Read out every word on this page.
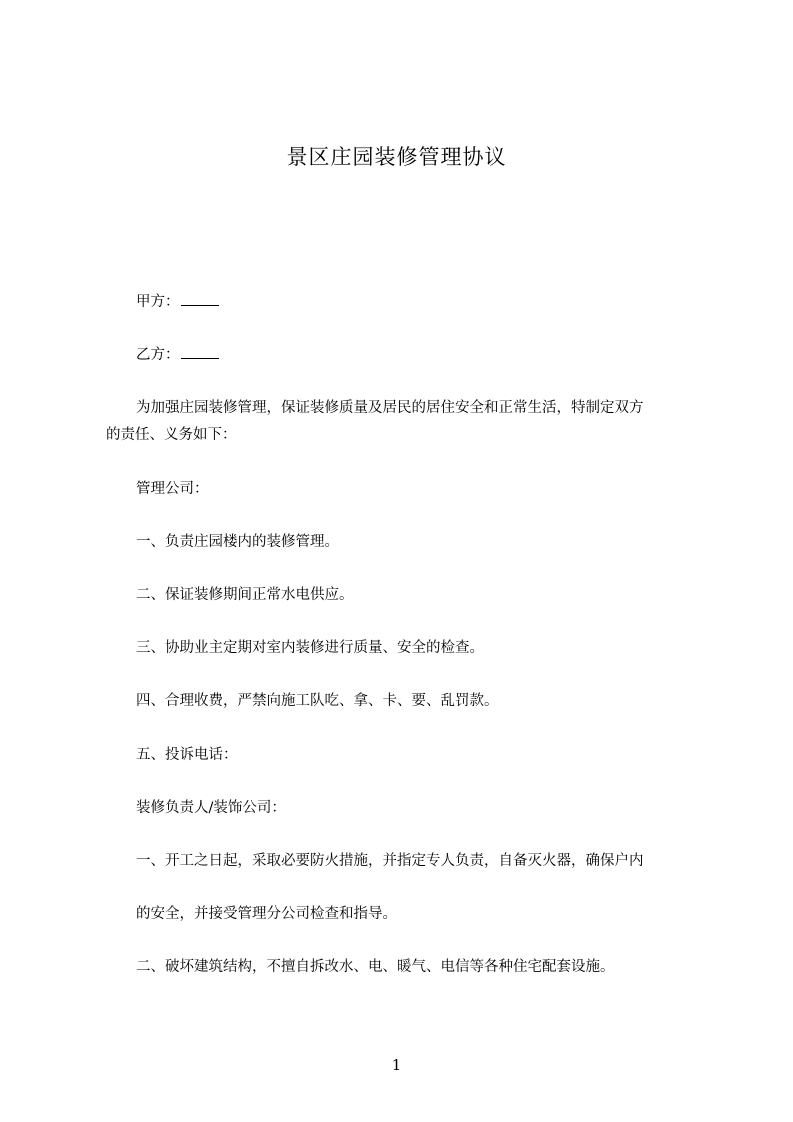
景区庄园装修管理协议
甲方：
乙方：
为加强庄园装修管理，保证装修质量及居民的居住安全和正常生活，特制定双方
的责任、义务如下：
管理公司：
一、负责庄园楼内的装修管理。
二、保证装修期间正常水电供应。
三、协助业主定期对室内装修进行质量、安全的检查。
四、合理收费，严禁向施工队吃、拿、卡、要、乱罚款。
五、投诉电话：
装修负责人/装饰公司：
一、开工之日起，采取必要防火措施，并指定专人负责，自备灭火器，确保户内
的安全，并接受管理分公司检查和指导。
二、破坏建筑结构，不擅自拆改水、电、暖气、电信等各种住宅配套设施。
1
